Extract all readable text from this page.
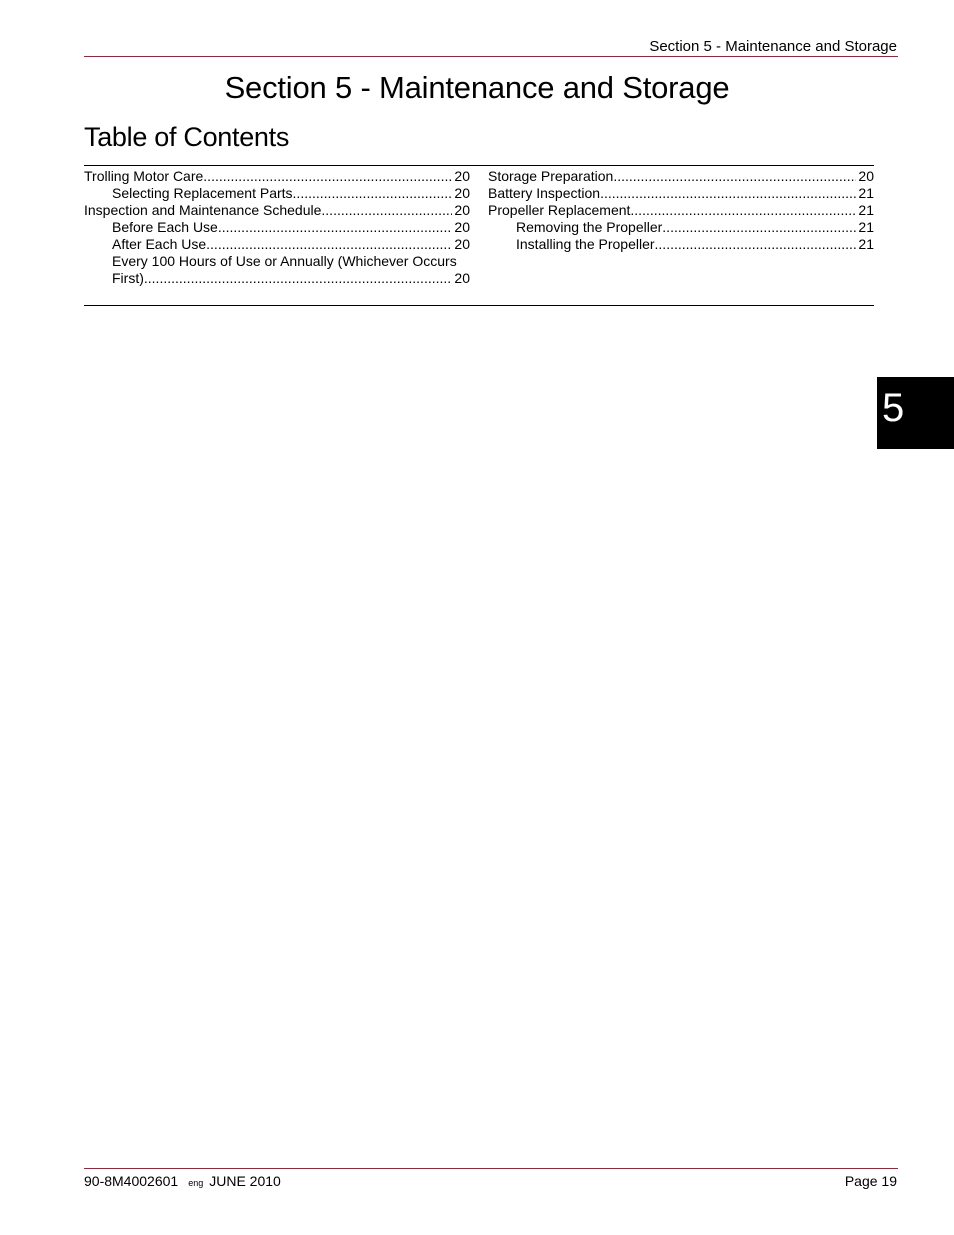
Section 5 - Maintenance and Storage
Section 5 - Maintenance and Storage
Table of Contents
Trolling Motor Care .....	20
Selecting Replacement Parts .....	20
Inspection and Maintenance Schedule .....	20
Before Each Use .....	20
After Each Use .....	20
Every 100 Hours of Use or Annually (Whichever Occurs
First) .....	20
Storage Preparation .....	20
Battery Inspection .....	21
Propeller Replacement .....	21
Removing the Propeller .....	21
Installing the Propeller .....	21
5
90-8M4002601 eng JUNE 2010	Page 19
